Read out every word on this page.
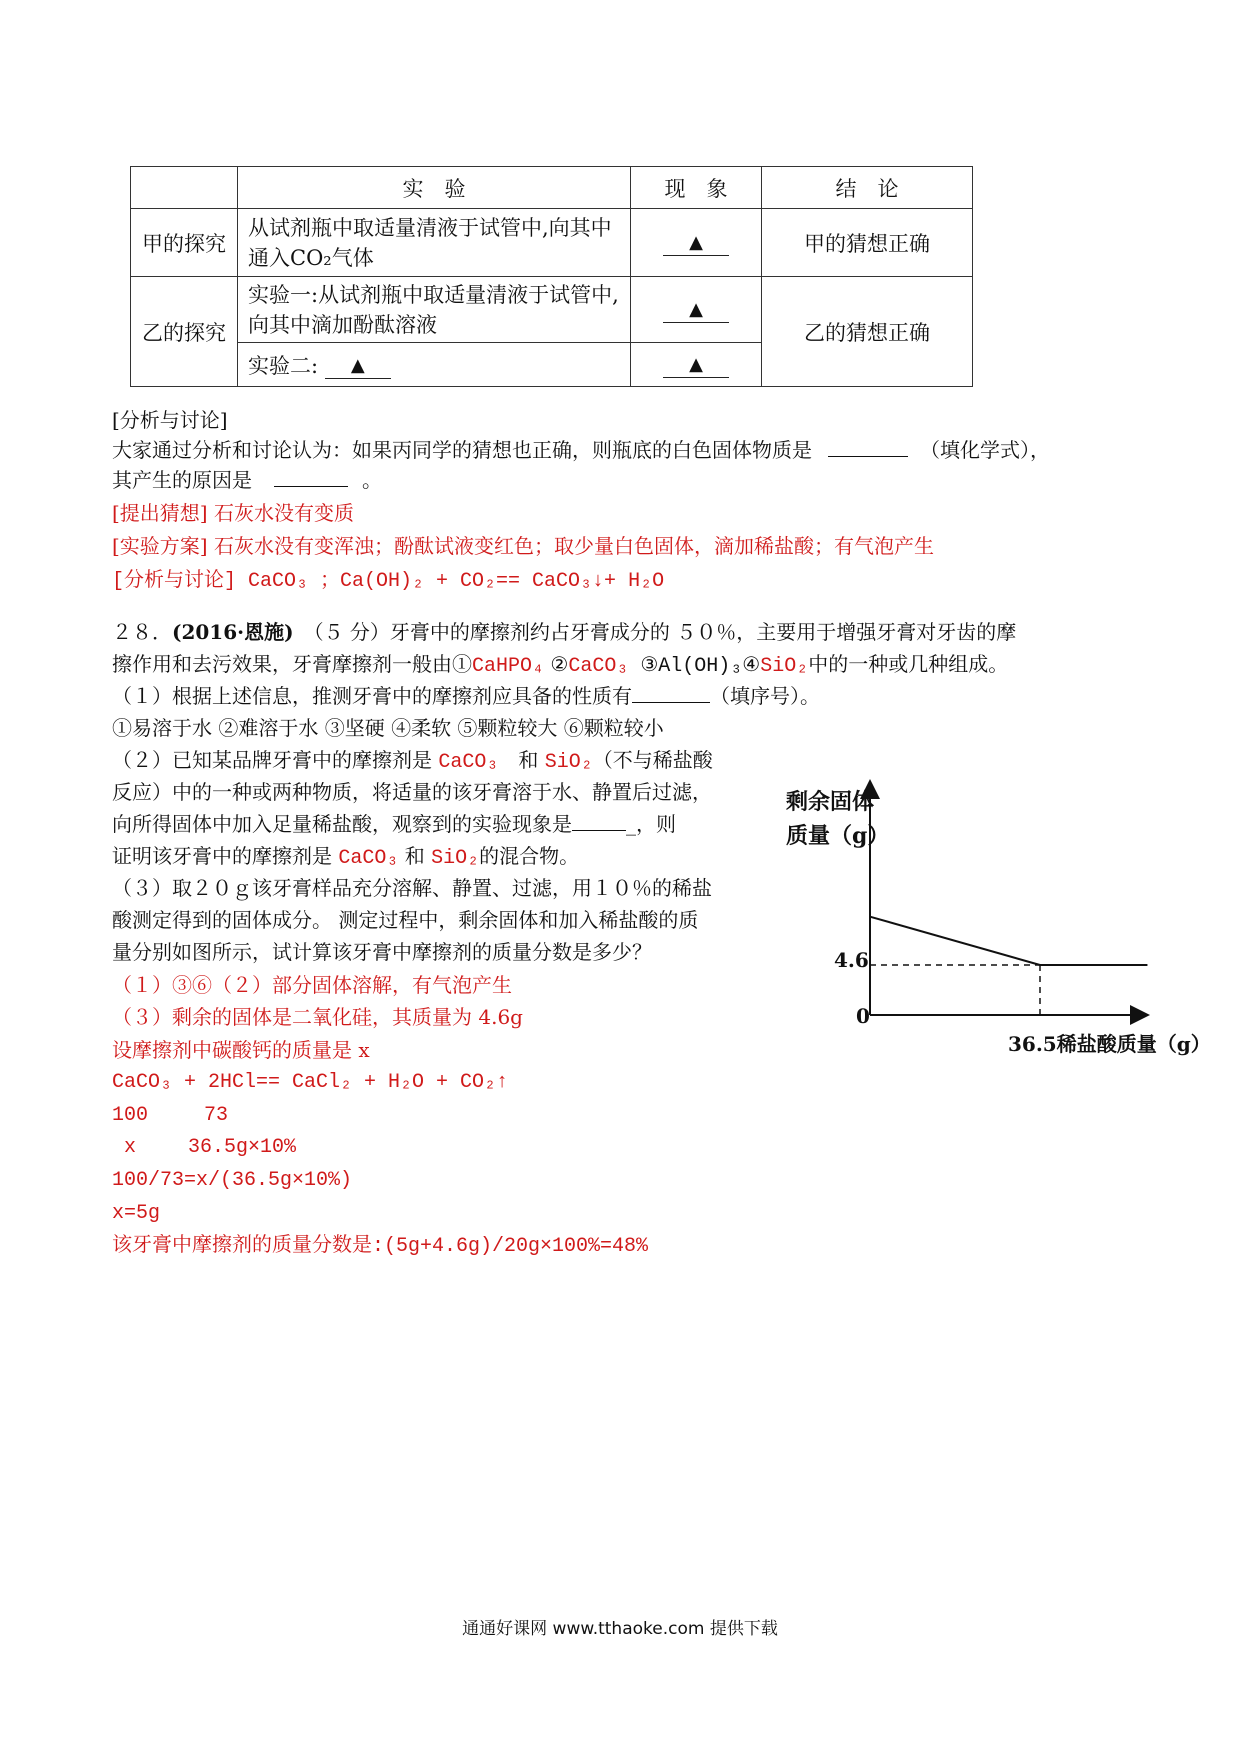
	实　验	现　象	结　论
甲的探究	从试剂瓶中取适量清液于试管中,向其中通入CO₂气体	▲	甲的猜想正确
乙的探究	实验一:从试剂瓶中取适量清液于试管中,向其中滴加酚酞溶液	▲	乙的猜想正确
	实验二: ▲	▲	
[分析与讨论]
大家通过分析和讨论认为：如果丙同学的猜想也正确，则瓶底的白色固体物质是	（填化学式），
其产生的原因是	。
[提出猜想] 石灰水没有变质
[实验方案] 石灰水没有变浑浊；酚酞试液变红色；取少量白色固体，滴加稀盐酸；有气泡产生
[分析与讨论] CaCO₃ ；Ca(OH)₂ + CO₂== CaCO₃↓+ H₂O
２８．(2016·恩施)　 （５ 分）牙膏中的摩擦剂约占牙膏成分的 ５０％，主要用于增强牙膏对牙齿的摩
擦作用和去污效果，牙膏摩擦剂一般由①CaHPO₄ ②CaCO₃ ③Al(OH)₃④SiO₂中的一种或几种组成。
（１）根据上述信息，推测牙膏中的摩擦剂应具备的性质有	（填序号）。
①易溶于水 ②难溶于水 ③坚硬 ④柔软 ⑤颗粒较大 ⑥颗粒较小
（２）已知某品牌牙膏中的摩擦剂是 CaCO₃　和 SiO₂（不与稀盐酸
反应）中的一种或两种物质，将适量的该牙膏溶于水、静置后过滤，
向所得固体中加入足量稀盐酸，观察到的实验现象是	_，则
证明该牙膏中的摩擦剂是 CaCO₃ 和 SiO₂的混合物。
（３）取２０ｇ该牙膏样品充分溶解、静置、过滤，用１０％的稀盐
酸测定得到的固体成分。 测定过程中，剩余固体和加入稀盐酸的质
量分别如图所示，试计算该牙膏中摩擦剂的质量分数是多少？
（１）③⑥（２）部分固体溶解，有气泡产生
（３）剩余的固体是二氧化硅，其质量为 4.6g
设摩擦剂中碳酸钙的质量是 x
CaCO₃ + 2HCl== CaCl₂ + H₂O + CO₂↑
100	73
x	36.5g×10%
100/73=x/(36.5g×10%)
x=5g
该牙膏中摩擦剂的质量分数是:(5g+4.6g)/20g×100%=48%
剩余固体
质量（g）
0
4.6
36.5稀盐酸质量（g）
通通好课网 www.tthaoke.com 提供下载
